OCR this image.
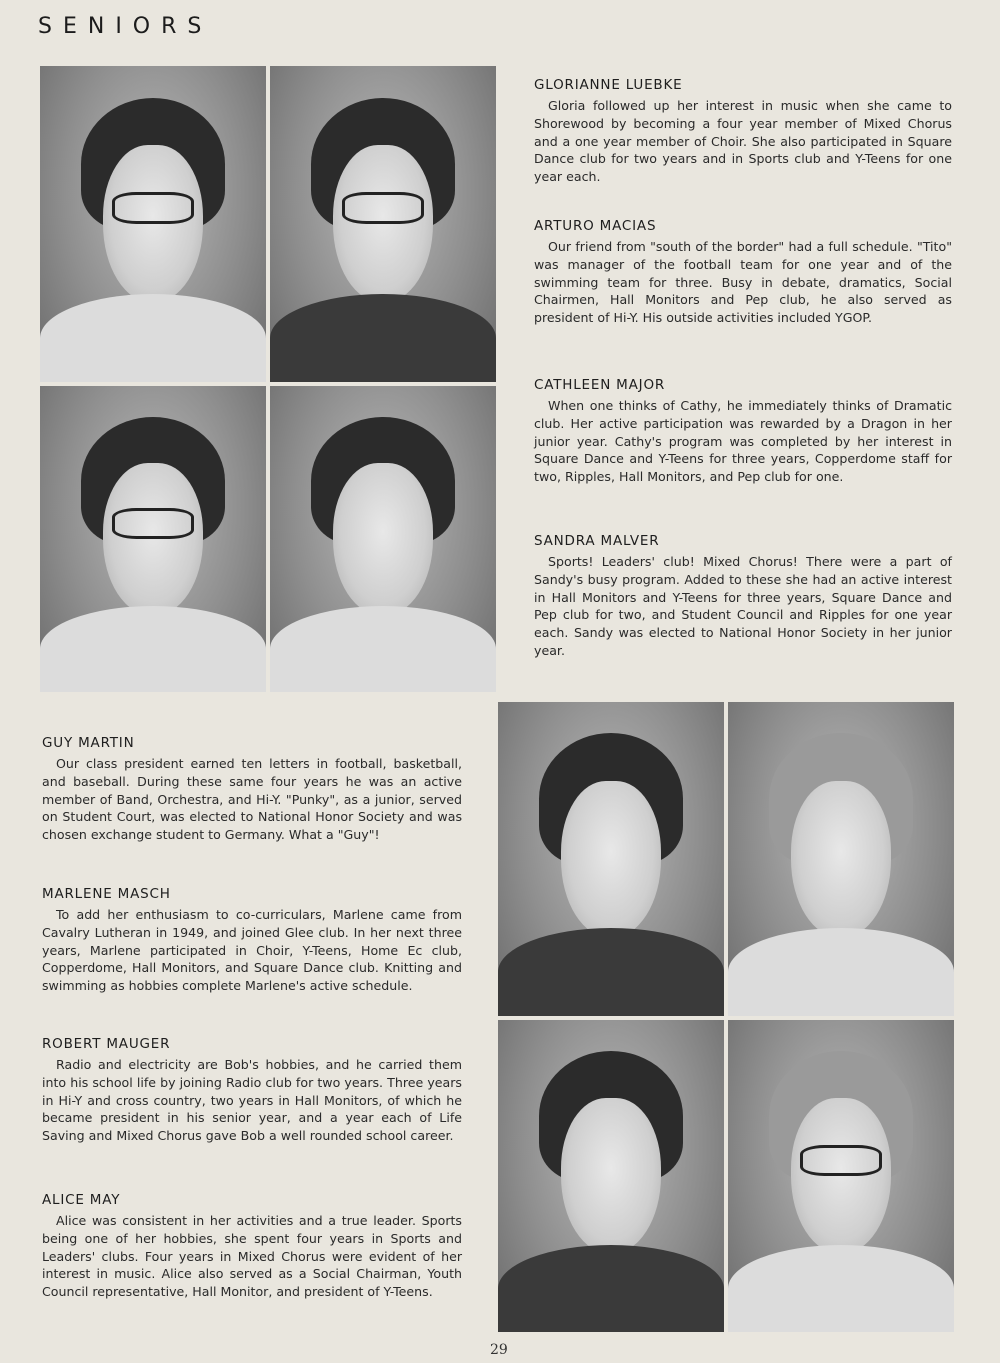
SENIORS
GLORIANNE LUEBKE

Gloria followed up her interest in music when she came to Shorewood by becoming a four year member of Mixed Chorus and a one year member of Choir. She also participated in Square Dance club for two years and in Sports club and Y-Teens for one year each.

ARTURO MACIAS

Our friend from "south of the border" had a full schedule. "Tito" was manager of the football team for one year and of the swimming team for three. Busy in debate, dramatics, Social Chairmen, Hall Monitors and Pep club, he also served as president of Hi-Y. His outside activities included YGOP.

CATHLEEN MAJOR

When one thinks of Cathy, he immediately thinks of Dramatic club. Her active participation was rewarded by a Dragon in her junior year. Cathy's program was completed by her interest in Square Dance and Y-Teens for three years, Copperdome staff for two, Ripples, Hall Monitors, and Pep club for one.

SANDRA MALVER

Sports! Leaders' club! Mixed Chorus! There were a part of Sandy's busy program. Added to these she had an active interest in Hall Monitors and Y-Teens for three years, Square Dance and Pep club for two, and Student Council and Ripples for one year each. Sandy was elected to National Honor Society in her junior year.

GUY MARTIN

Our class president earned ten letters in football, basketball, and baseball. During these same four years he was an active member of Band, Orchestra, and Hi-Y. "Punky", as a junior, served on Student Court, was elected to National Honor Society and was chosen exchange student to Germany. What a "Guy"!

MARLENE MASCH

To add her enthusiasm to co-curriculars, Marlene came from Cavalry Lutheran in 1949, and joined Glee club. In her next three years, Marlene participated in Choir, Y-Teens, Home Ec club, Copperdome, Hall Monitors, and Square Dance club. Knitting and swimming as hobbies complete Marlene's active schedule.

ROBERT MAUGER

Radio and electricity are Bob's hobbies, and he carried them into his school life by joining Radio club for two years. Three years in Hi-Y and cross country, two years in Hall Monitors, of which he became president in his senior year, and a year each of Life Saving and Mixed Chorus gave Bob a well rounded school career.

ALICE MAY

Alice was consistent in her activities and a true leader. Sports being one of her hobbies, she spent four years in Sports and Leaders' clubs. Four years in Mixed Chorus were evident of her interest in music. Alice also served as a Social Chairman, Youth Council representative, Hall Monitor, and president of Y-Teens.

29
